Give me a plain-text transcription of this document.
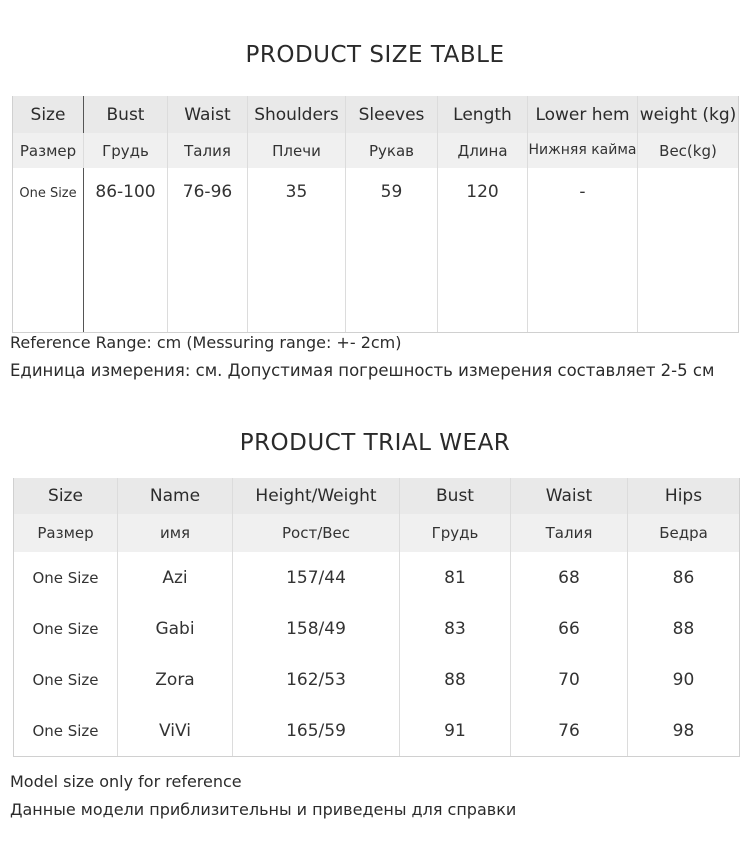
PRODUCT SIZE TABLE
Size	Bust	Waist	Shoulders	Sleeves	Length	Lower hem	weight (kg)
Размер	Грудь	Талия	Плечи	Рукав	Длина	Нижняя кайма	Вес(kg)
One Size	86-100	76-96	35	59	120	-	
Reference Range: cm (Messuring range: +- 2cm)
Единица измерения: см. Допустимая погрешность измерения составляет 2-5 см
PRODUCT TRIAL WEAR
Size	Name	Height/Weight	Bust	Waist	Hips
Размер	имя	Рост/Вес	Грудь	Талия	Бедра
One Size	Azi	157/44	81	68	86
One Size	Gabi	158/49	83	66	88
One Size	Zora	162/53	88	70	90
One Size	ViVi	165/59	91	76	98
Model size only for reference
Данные модели приблизительны и приведены для справки
